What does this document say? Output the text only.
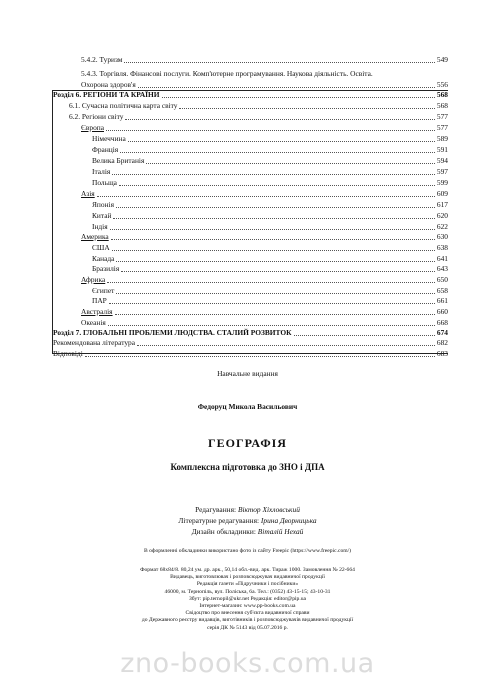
5.4.2. Туризм	549
5.4.3. Торгівля. Фінансові послуги. Комп'ютерне програмування. Наукова діяльність. Освіта.
Охорона здоров'я	556
Розділ 6. РЕГІОНИ ТА КРАЇНИ	568
6.1. Сучасна політична карта світу	568
6.2. Регіони світу	577
Європа	577
Німеччина	589
Франція	591
Велика Британія	594
Італія	597
Польща	599
Азія	609
Японія	617
Китай	620
Індія	622
Америка	630
США	638
Канада	641
Бразилія	643
Африка	650
Єгипет	658
ПАР	661
Австралія	660
Океанія	668
Розділ 7. ГЛОБАЛЬНІ ПРОБЛЕМИ ЛЮДСТВА. СТАЛИЙ РОЗВИТОК	674
Рекомендована література	682
Відповіді	683
Навчальне видання
Федоруц Микола Васильович
ГЕОГРАФІЯ
Комплексна підготовка до ЗНО і ДПА
Редагування: Віктор Хіхловський
Літературне редагування: Ірина Дворницька
Дизайн обкладинки: Віталій Нехай
В оформленні обкладинки використано фото із сайту Freepic (https://www.freepic.com/)
Формат 68х84/8. 80,24 ум. др. арк., 50,14 обл.-вид. арк. Тираж 1000. Замовлення № 22-664
Видавець, виготовлювач і розповсюджувач видавничої продукції
Редакція газети «Підручники і посібники»
46000, м. Тернопіль, вул. Поліська, 6а. Тел.: (0352) 43-15-15; 43-10-31
Збут: pip.ternopil@ukr.net Редакція: editor@pip.ua
Інтернет-магазин: www.pp-books.com.ua
Свідоцтво про внесення суб'єкта видавничої справи
до Державного реєстру видавців, виготівників і розповсюджувачів видавничої продукції
серія ДК № 5143 від 05.07.2016 р.
zno-books.com.ua
